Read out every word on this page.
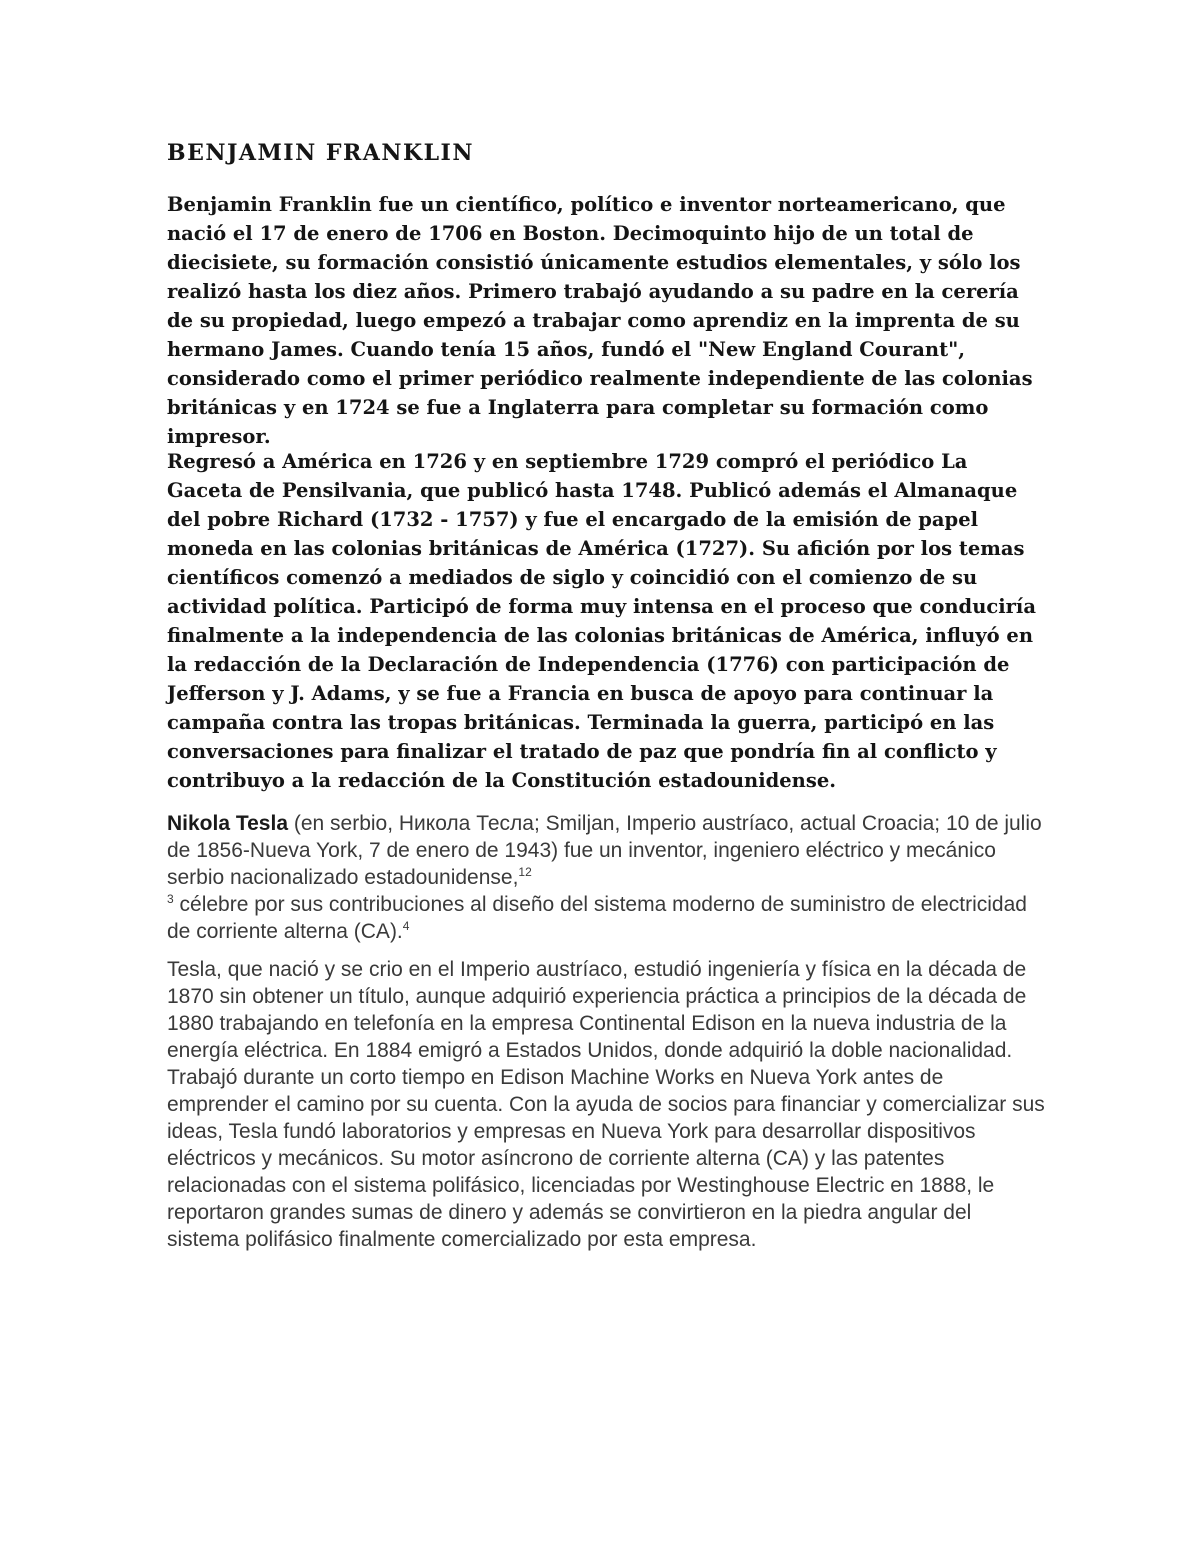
BENJAMIN FRANKLIN

Benjamin Franklin fue un científico, político e inventor norteamericano, que nació el 17 de enero de 1706 en Boston. Decimoquinto hijo de un total de diecisiete, su formación consistió únicamente estudios elementales, y sólo los realizó hasta los diez años. Primero trabajó ayudando a su padre en la cerería de su propiedad, luego empezó a trabajar como aprendiz en la imprenta de su hermano James. Cuando tenía 15 años, fundó el "New England Courant", considerado como el primer periódico realmente independiente de las colonias británicas y en 1724 se fue a Inglaterra para completar su formación como impresor.

Regresó a América en 1726 y en septiembre 1729 compró el periódico La Gaceta de Pensilvania, que publicó hasta 1748. Publicó además el Almanaque del pobre Richard (1732 - 1757) y fue el encargado de la emisión de papel moneda en las colonias británicas de América (1727). Su afición por los temas científicos comenzó a mediados de siglo y coincidió con el comienzo de su actividad política. Participó de forma muy intensa en el proceso que conduciría finalmente a la independencia de las colonias británicas de América, influyó en la redacción de la Declaración de Independencia (1776) con participación de Jefferson y J. Adams, y se fue a Francia en busca de apoyo para continuar la campaña contra las tropas británicas. Terminada la guerra, participó en las conversaciones para finalizar el tratado de paz que pondría fin al conflicto y contribuyo a la redacción de la Constitución estadounidense.

Nikola Tesla (en serbio, Никола Тесла; Smiljan, Imperio austríaco, actual Croacia; 10 de julio de 1856-Nueva York, 7 de enero de 1943) fue un inventor, ingeniero eléctrico y mecánico serbio nacionalizado estadounidense,$^{12}$
$^3$ célebre por sus contribuciones al diseño del sistema moderno de suministro de electricidad de corriente alterna (CA).$^4$

Tesla, que nació y se crio en el Imperio austríaco, estudió ingeniería y física en la década de 1870 sin obtener un título, aunque adquirió experiencia práctica a principios de la década de 1880 trabajando en telefonía en la empresa Continental Edison en la nueva industria de la energía eléctrica. En 1884 emigró a Estados Unidos, donde adquirió la doble nacionalidad. Trabajó durante un corto tiempo en Edison Machine Works en Nueva York antes de emprender el camino por su cuenta. Con la ayuda de socios para financiar y comercializar sus ideas, Tesla fundó laboratorios y empresas en Nueva York para desarrollar dispositivos eléctricos y mecánicos. Su motor asíncrono de corriente alterna (CA) y las patentes relacionadas con el sistema polifásico, licenciadas por Westinghouse Electric en 1888, le reportaron grandes sumas de dinero y además se convirtieron en la piedra angular del sistema polifásico finalmente comercializado por esta empresa.
